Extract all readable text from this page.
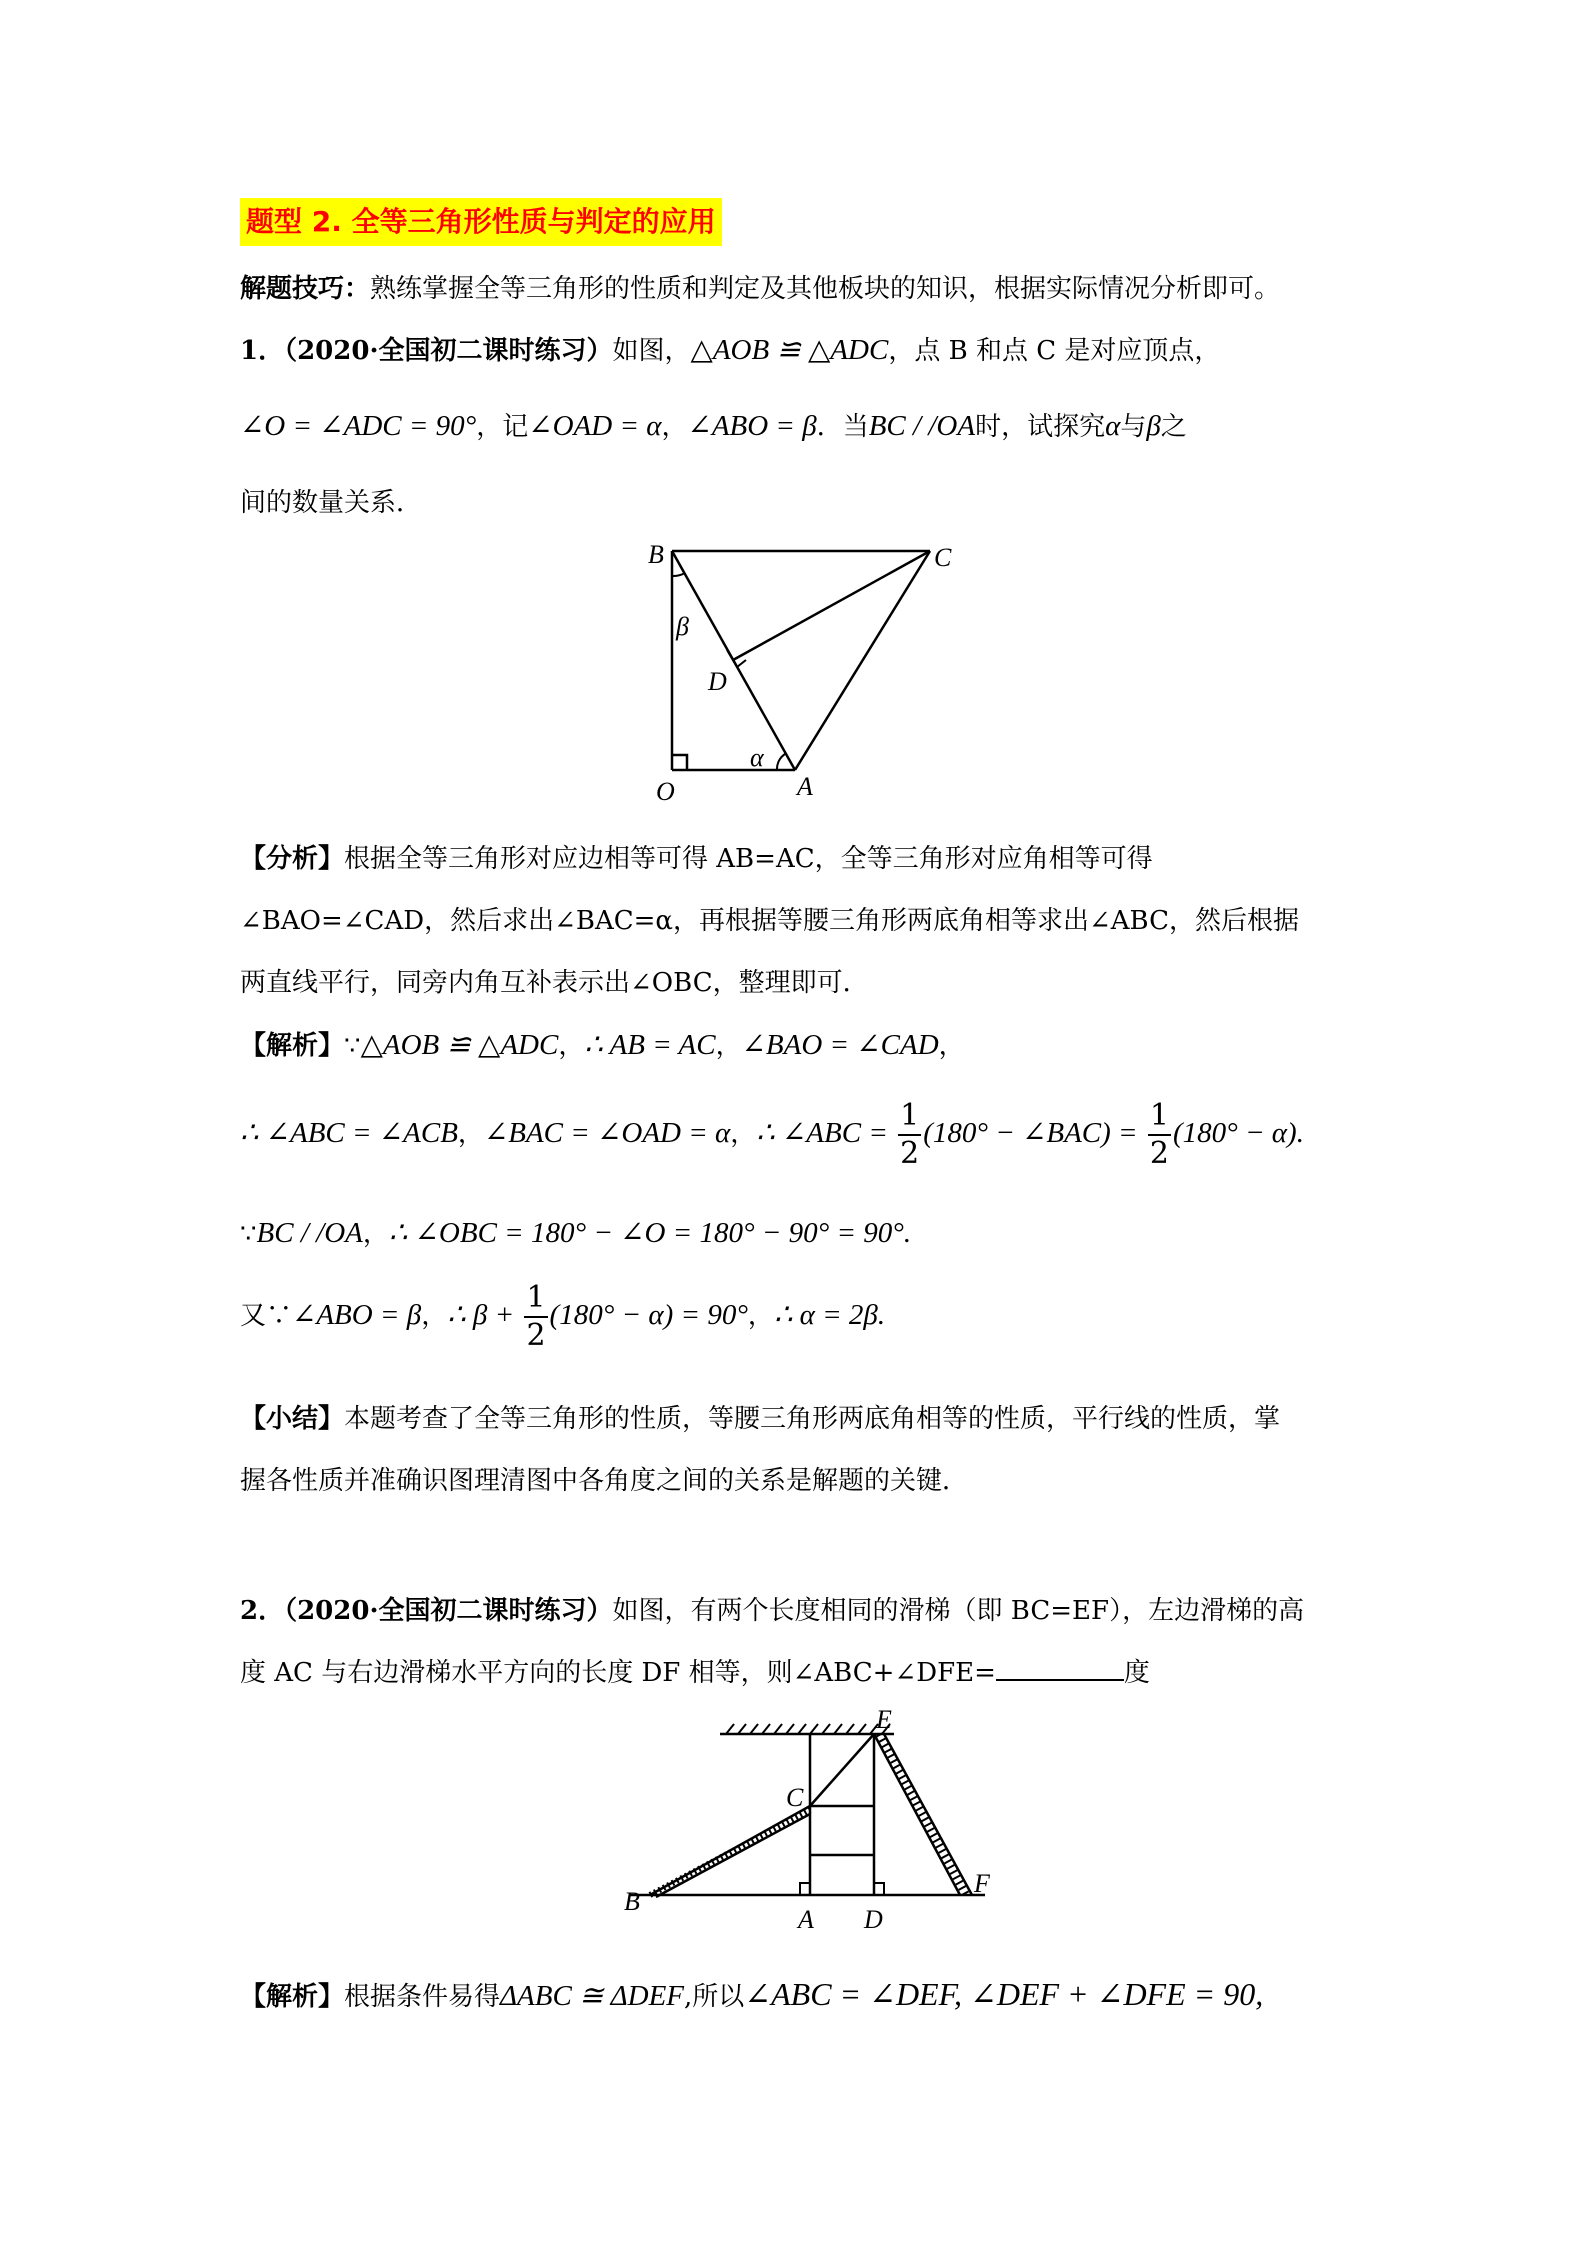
题型 2. 全等三角形性质与判定的应用
解题技巧：熟练掌握全等三角形的性质和判定及其他板块的知识，根据实际情况分析即可。
1．（2020·全国初二课时练习）如图，△AOB ≌ △ADC，点 B 和点 C 是对应顶点，
∠O = ∠ADC = 90°，记∠OAD = α，∠ABO = β．当BC / /OA时，试探究α与β之
间的数量关系．
B	C
D
O	A
α
β
【分析】根据全等三角形对应边相等可得 AB=AC，全等三角形对应角相等可得
∠BAO=∠CAD，然后求出∠BAC=α，再根据等腰三角形两底角相等求出∠ABC，然后根据
两直线平行，同旁内角互补表示出∠OBC，整理即可．
【解析】∵△AOB ≌ △ADC，∴ AB = AC，∠BAO = ∠CAD，
∴ ∠ABC = ∠ACB，∠BAC = ∠OAD = α，∴ ∠ABC = $\frac{1}{2} (180^\circ$ − ∠BAC) = $\frac{1}{2} (180^\circ - \alpha)$.
∵BC / /OA，∴ ∠OBC = 180° − ∠O = 180° − 90° = 90°.
又∵∠ABO = β，∴ $\beta + \frac{1}{2} (180^\circ - \alpha) = 90^\circ$，∴ α = 2β.
【小结】本题考查了全等三角形的性质，等腰三角形两底角相等的性质，平行线的性质，掌
握各性质并准确识图理清图中各角度之间的关系是解题的关键．
2．（2020·全国初二课时练习）如图，有两个长度相同的滑梯（即 BC=EF），左边滑梯的高
度 AC 与右边滑梯水平方向的长度 DF 相等，则∠ABC+∠DFE=	度
E
C
F
B
A D
【解析】根据条件易得ΔABC ≅ ΔDEF,所以∠ABC = ∠DEF, ∠DEF + ∠DFE = 90,
